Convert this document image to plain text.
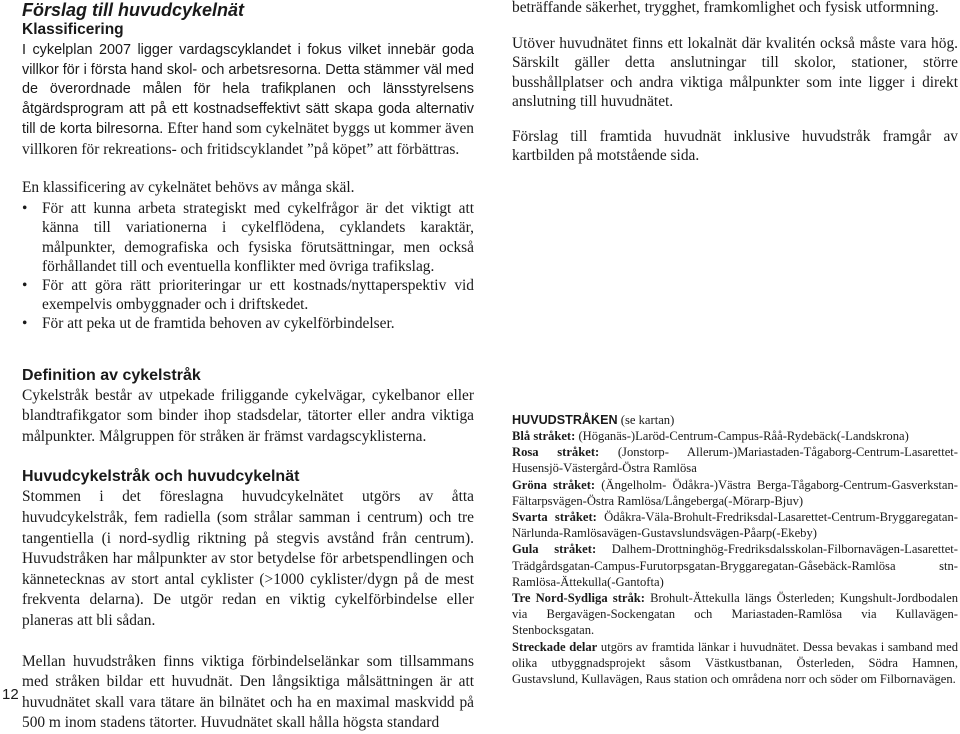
Förslag till huvudcykelnät
Klassificering

I cykelplan 2007 ligger vardagscyklandet i fokus vilket innebär goda villkor för i första hand skol- och arbetsresorna. Detta stämmer väl med de överordnade målen för hela trafikplanen och länsstyrelsens åtgärdsprogram att på ett kostnadseffektivt sätt skapa goda alternativ till de korta bilresorna. Efter hand som cykelnätet byggs ut kommer även villkoren för rekreations- och fritidscyklandet ”på köpet” att förbättras.

En klassificering av cykelnätet behövs av många skäl.

• För att kunna arbeta strategiskt med cykelfrågor är det viktigt att känna till variationerna i cykelflödena, cyklandets karaktär, målpunkter, demografiska och fysiska förutsättningar, men också förhållandet till och eventuella konflikter med övriga trafikslag.
• För att göra rätt prioriteringar ur ett kostnads/nyttaperspektiv vid exempelvis ombyggnader och i driftskedet.
• För att peka ut de framtida behoven av cykelförbindelser.
Definition av cykelstråk

Cykelstråk består av utpekade friliggande cykelvägar, cykelbanor eller blandtrafikgator som binder ihop stadsdelar, tätorter eller andra viktiga målpunkter. Målgruppen för stråken är främst vardagscyklisterna.

Huvudcykelstråk och huvudcykelnät

Stommen i det föreslagna huvudcykelnätet utgörs av åtta huvudcykelstråk, fem radiella (som strålar samman i centrum) och tre tangentiella (i nord-sydlig riktning på stegvis avstånd från centrum). Huvudstråken har målpunkter av stor betydelse för arbetspendlingen och kännetecknas av stort antal cyklister (>1000 cyklister/dygn på de mest frekventa delarna). De utgör redan en viktig cykelförbindelse eller planeras att bli sådan.

Mellan huvudstråken finns viktiga förbindelselänkar som tillsammans med stråken bildar ett huvudnät. Den långsiktiga målsättningen är att huvudnätet skall vara tätare än bilnätet och ha en maximal maskvidd på 500 m inom stadens tätorter. Huvudnätet skall hålla högsta standard

beträffande säkerhet, trygghet, framkomlighet och fysisk utformning.

Utöver huvudnätet finns ett lokalnät där kvalitén också måste vara hög. Särskilt gäller detta anslutningar till skolor, stationer, större busshållplatser och andra viktiga målpunkter som inte ligger i direkt anslutning till huvudnätet.

Förslag till framtida huvudnät inklusive huvudstråk framgår av kartbilden på motstående sida.

HUVUDSTRÅKEN (se kartan)

Blå stråket: (Höganäs-)Laröd-Centrum-Campus-Råå-Rydebäck(-Landskrona)

Rosa stråket: (Jonstorp- Allerum-)Mariastaden-Tågaborg-Centrum-Lasarettet-Husensjö-Västergård-Östra Ramlösa

Gröna stråket: (Ängelholm- Ödåkra-)Västra Berga-Tågaborg-Centrum-Gasverkstan-Fältarpsvägen-Östra Ramlösa/Långeberga(-Mörarp-Bjuv)

Svarta stråket: Ödåkra-Väla-Brohult-Fredriksdal-Lasarettet-Centrum-Bryggaregatan-Närlunda-Ramlösavägen-Gustavslundsvägen-Påarp(-Ekeby)

Gula stråket: Dalhem-Drottninghög-Fredriksdalsskolan-Filbornavägen-Lasarettet-Trädgårdsgatan-Campus-Furutorpsgatan-Bryggaregatan-Gåsebäck-Ramlösa stn-Ramlösa-Ättekulla(-Gantofta)

Tre Nord-Sydliga stråk: Brohult-Ättekulla längs Österleden; Kungshult-Jordbodalen via Bergavägen-Sockengatan och Mariastaden-Ramlösa via Kullavägen-Stenbocksgatan.

Streckade delar utgörs av framtida länkar i huvudnätet. Dessa bevakas i samband med olika utbyggnadsprojekt såsom Västkustbanan, Österleden, Södra Hamnen, Gustavslund, Kullavägen, Raus station och områdena norr och söder om Filbornavägen.

12
